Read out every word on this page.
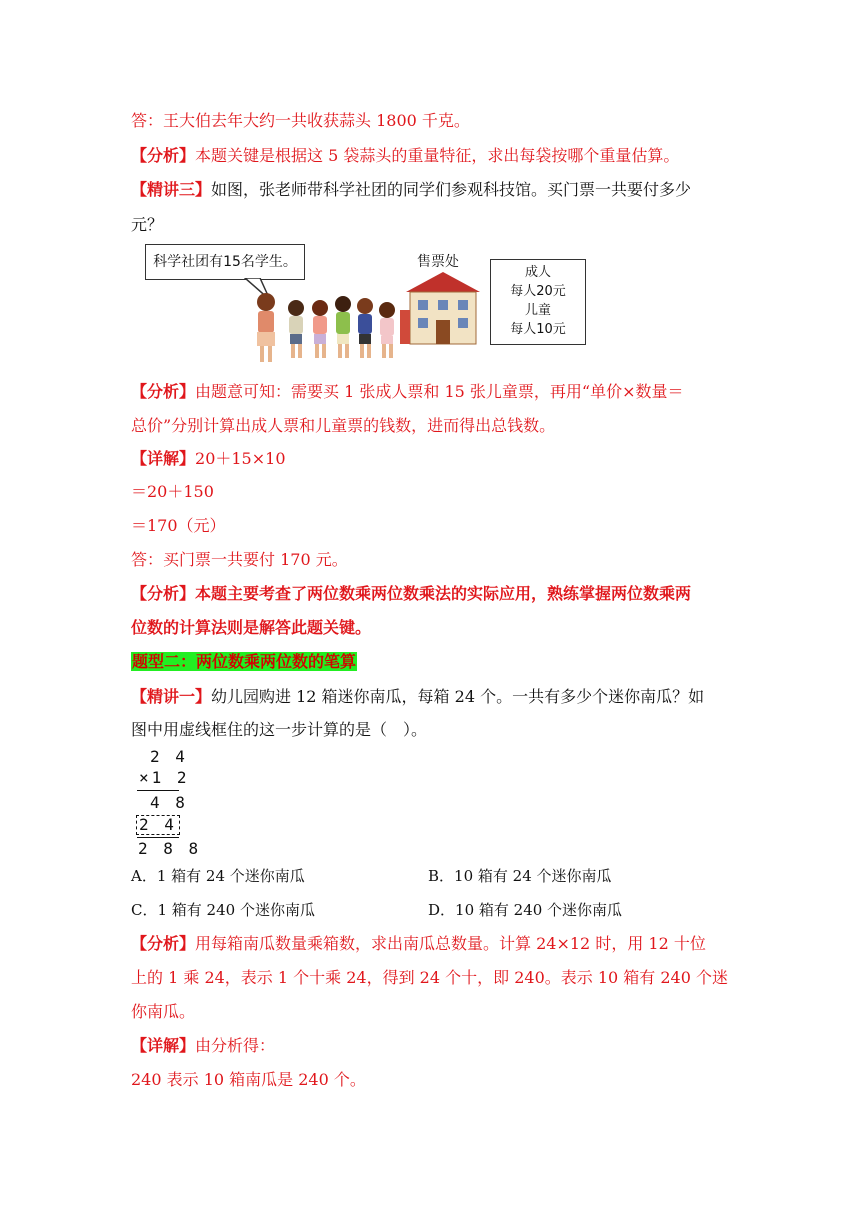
答：王大伯去年大约一共收获蒜头 1800 千克。
【分析】本题关键是根据这 5 袋蒜头的重量特征，求出每袋按哪个重量估算。
【精讲三】如图，张老师带科学社团的同学们参观科技馆。买门票一共要付多少
元？
科学社团有15名学生。	售票处
成人
每人20元
儿童
每人10元
【分析】由题意可知：需要买 1 张成人票和 15 张儿童票，再用“单价×数量＝
总价”分别计算出成人票和儿童票的钱数，进而得出总钱数。
【详解】20＋15×10
＝20＋150
＝170（元）
答：买门票一共要付 170 元。
【分析】本题主要考查了两位数乘两位数乘法的实际应用，熟练掌握两位数乘两
位数的计算法则是解答此题关键。
题型二：两位数乘两位数的笔算
【精讲一】幼儿园购进 12 箱迷你南瓜，每箱 24 个。一共有多少个迷你南瓜？如
图中用虚线框住的这一步计算的是（　）。
2 4
×1 2
4 8
2 4
2 8 8
A．1 箱有 24 个迷你南瓜	B．10 箱有 24 个迷你南瓜
C．1 箱有 240 个迷你南瓜	D．10 箱有 240 个迷你南瓜
【分析】用每箱南瓜数量乘箱数，求出南瓜总数量。计算 24×12 时，用 12 十位
上的 1 乘 24，表示 1 个十乘 24，得到 24 个十，即 240。表示 10 箱有 240 个迷
你南瓜。
【详解】由分析得：
240 表示 10 箱南瓜是 240 个。
